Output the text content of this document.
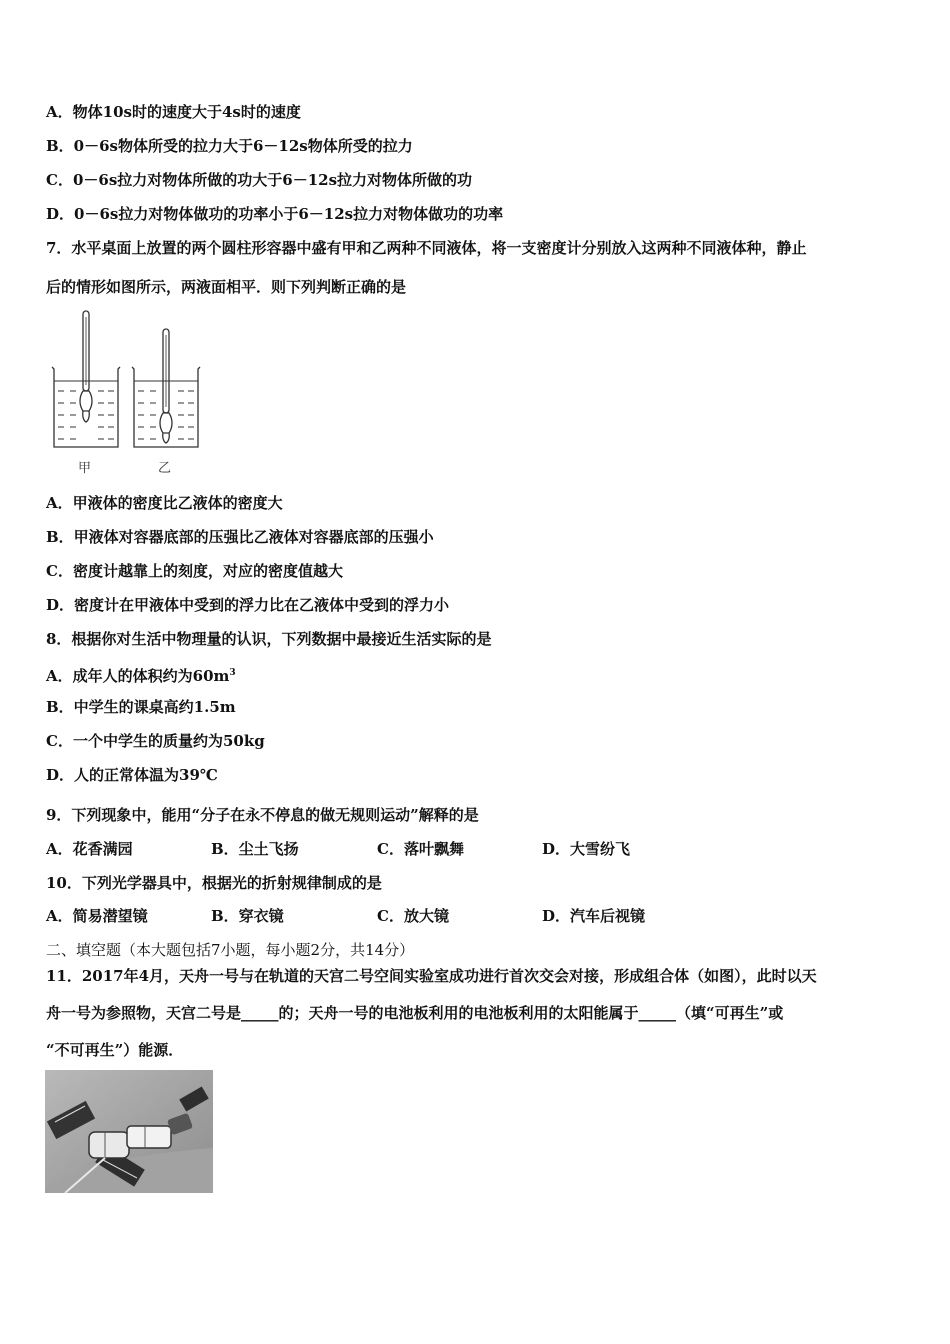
A．物体10s时的速度大于4s时的速度
B．0－6s物体所受的拉力大于6－12s物体所受的拉力
C．0－6s拉力对物体所做的功大于6－12s拉力对物体所做的功
D．0－6s拉力对物体做功的功率小于6－12s拉力对物体做功的功率
7．水平桌面上放置的两个圆柱形容器中盛有甲和乙两种不同液体，将一支密度计分别放入这两种不同液体种，静止
后的情形如图所示，两液面相平．则下列判断正确的是
甲	乙
A．甲液体的密度比乙液体的密度大
B．甲液体对容器底部的压强比乙液体对容器底部的压强小
C．密度计越靠上的刻度，对应的密度值越大
D．密度计在甲液体中受到的浮力比在乙液体中受到的浮力小
8．根据你对生活中物理量的认识，下列数据中最接近生活实际的是
A．成年人的体积约为$60m^3$
B．中学生的课桌高约1.5m
C．一个中学生的质量约为50kg
D．人的正常体温为39℃
9．下列现象中，能用“分子在永不停息的做无规则运动”解释的是
A．花香满园	B．尘土飞扬	C．落叶飘舞	D．大雪纷飞
10．下列光学器具中，根据光的折射规律制成的是
A．简易潜望镜	B．穿衣镜	C．放大镜	D．汽车后视镜
二、填空题（本大题包括7小题，每小题2分，共14分）
11．2017年4月，天舟一号与在轨道的天宫二号空间实验室成功进行首次交会对接，形成组合体（如图），此时以天
舟一号为参照物，天宫二号是_____的；天舟一号的电池板利用的电池板利用的太阳能属于_____（填“可再生”或
“不可再生”）能源．
